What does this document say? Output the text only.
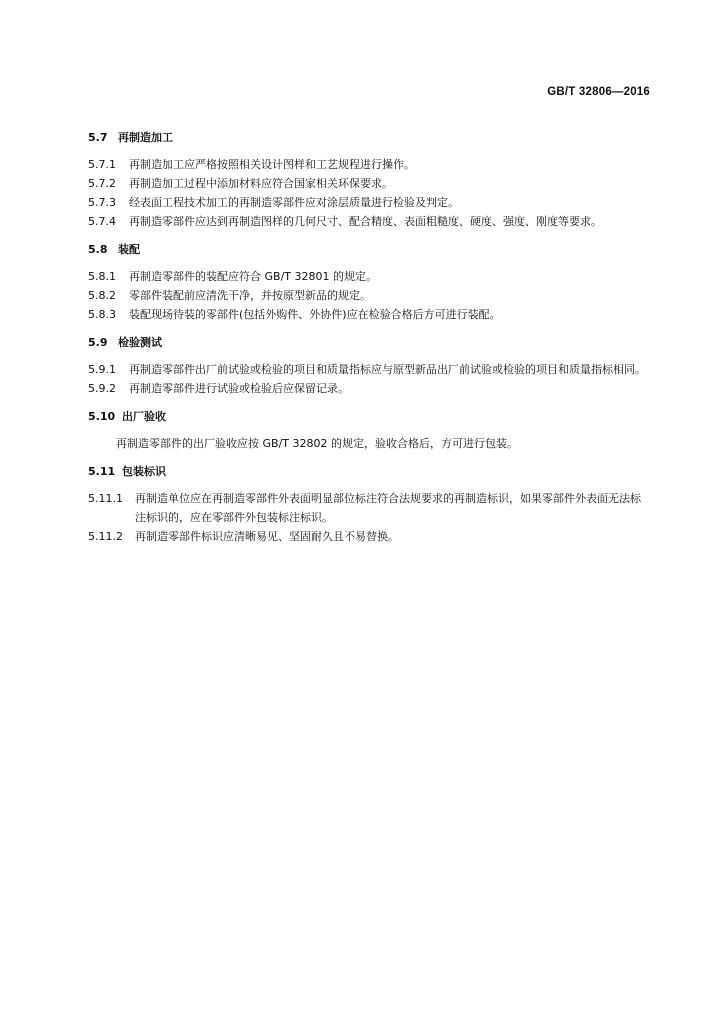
GB/T 32806—2016
5.7 再制造加工
5.7.1	再制造加工应严格按照相关设计图样和工艺规程进行操作。
5.7.2	再制造加工过程中添加材料应符合国家相关环保要求。
5.7.3	经表面工程技术加工的再制造零部件应对涂层质量进行检验及判定。
5.7.4	再制造零部件应达到再制造图样的几何尺寸、配合精度、表面粗糙度、硬度、强度、刚度等要求。
5.8 装配
5.8.1	再制造零部件的装配应符合 GB/T 32801 的规定。
5.8.2	零部件装配前应清洗干净，并按原型新品的规定。
5.8.3	装配现场待装的零部件(包括外购件、外协件)应在检验合格后方可进行装配。
5.9 检验测试
5.9.1	再制造零部件出厂前试验或检验的项目和质量指标应与原型新品出厂前试验或检验的项目和质量指标相同。
5.9.2	再制造零部件进行试验或检验后应保留记录。
5.10 出厂验收
再制造零部件的出厂验收应按 GB/T 32802 的规定，验收合格后，方可进行包装。
5.11 包装标识
5.11.1	再制造单位应在再制造零部件外表面明显部位标注符合法规要求的再制造标识，如果零部件外表面无法标注标识的，应在零部件外包装标注标识。
5.11.2	再制造零部件标识应清晰易见、坚固耐久且不易替换。
